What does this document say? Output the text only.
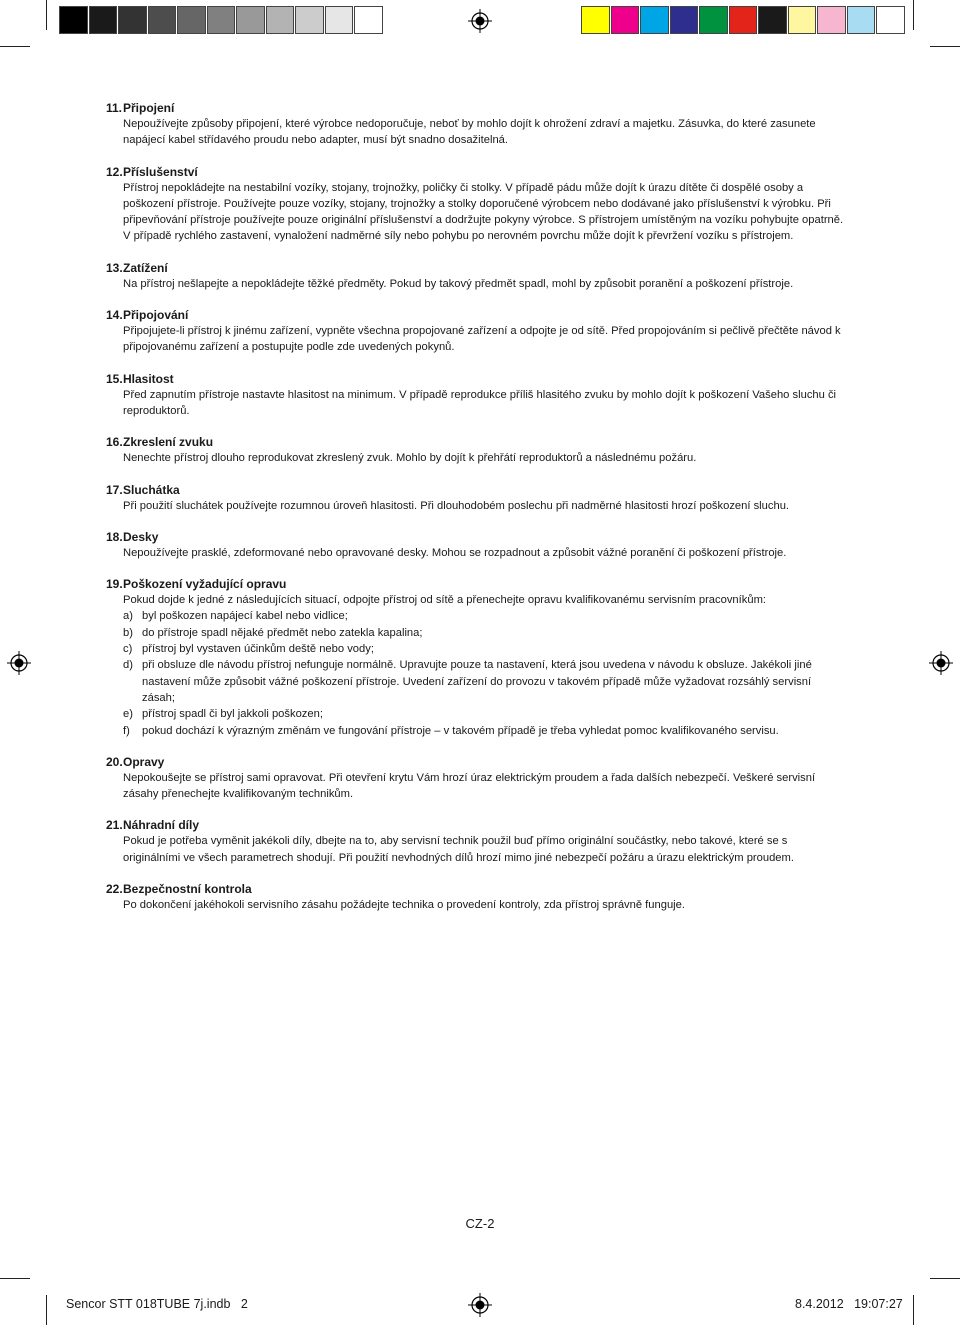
11.Připojení

Nepoužívejte způsoby připojení, které výrobce nedoporučuje, neboť by mohlo dojít k ohrožení zdraví a majetku. Zásuvka, do které zasunete napájecí kabel střídavého proudu nebo adapter, musí být snadno dosažitelná.

12.Příslušenství

Přístroj nepokládejte na nestabilní vozíky, stojany, trojnožky, poličky či stolky. V případě pádu může dojít k úrazu dítěte či dospělé osoby a poškození přístroje. Používejte pouze vozíky, stojany, trojnožky a stolky doporučené výrobcem nebo dodávané jako příslušenství k výrobku. Při připevňování přístroje používejte pouze originální příslušenství a dodržujte pokyny výrobce. S přístrojem umístěným na vozíku pohybujte opatrně. V případě rychlého zastavení, vynaložení nadměrné síly nebo pohybu po nerovném povrchu může dojít k převržení vozíku s přístrojem.

13.Zatížení

Na přístroj nešlapejte a nepokládejte těžké předměty. Pokud by takový předmět spadl, mohl by způsobit poranění a poškození přístroje.

14.Připojování

Připojujete-li přístroj k jinému zařízení, vypněte všechna propojované zařízení a odpojte je od sítě. Před propojováním si pečlivě přečtěte návod k připojovanému zařízení a postupujte podle zde uvedených pokynů.

15.Hlasitost

Před zapnutím přístroje nastavte hlasitost na minimum. V případě reprodukce příliš hlasitého zvuku by mohlo dojít k poškození Vašeho sluchu či reproduktorů.

16.Zkreslení zvuku

Nenechte přístroj dlouho reprodukovat zkreslený zvuk. Mohlo by dojít k přehřátí reproduktorů a následnému požáru.

17.Sluchátka

Při použití sluchátek používejte rozumnou úroveň hlasitosti. Při dlouhodobém poslechu při nadměrné hlasitosti hrozí poškození sluchu.

18.Desky

Nepoužívejte prasklé, zdeformované nebo opravované desky. Mohou se rozpadnout a způsobit vážné poranění či poškození přístroje.

19.Poškození vyžadující opravu

Pokud dojde k jedné z následujících situací, odpojte přístroj od sítě a přenechejte opravu kvalifikovanému servisním pracovníkům:

a) byl poškozen napájecí kabel nebo vidlice;
b) do přístroje spadl nějaké předmět nebo zatekla kapalina;
c) přístroj byl vystaven účinkům deště nebo vody;
d) při obsluze dle návodu přístroj nefunguje normálně. Upravujte pouze ta nastavení, která jsou uvedena v návodu k obsluze. Jakékoli jiné nastavení může způsobit vážné poškození přístroje. Uvedení zařízení do provozu v takovém případě může vyžadovat rozsáhlý servisní zásah;
e) přístroj spadl či byl jakkoli poškozen;
f)	pokud dochází k výrazným změnám ve fungování přístroje – v takovém případě je třeba vyhledat pomoc kvalifikovaného servisu.
20.Opravy

Nepokoušejte se přístroj sami opravovat. Při otevření krytu Vám hrozí úraz elektrickým proudem a řada dalších nebezpečí. Veškeré servisní zásahy přenechejte kvalifikovaným technikům.

21.Náhradní díly

Pokud je potřeba vyměnit jakékoli díly, dbejte na to, aby servisní technik použil buď přímo originální součástky, nebo takové, které se s originálními ve všech parametrech shodují. Při použití nevhodných dílů hrozí mimo jiné nebezpečí požáru a úrazu elektrickým proudem.

22.Bezpečnostní kontrola

Po dokončení jakéhokoli servisního zásahu požádejte technika o provedení kontroly, zda přístroj správně funguje.

CZ-2
Sencor STT 018TUBE 7j.indb   2	8.4.2012   19:07:27
